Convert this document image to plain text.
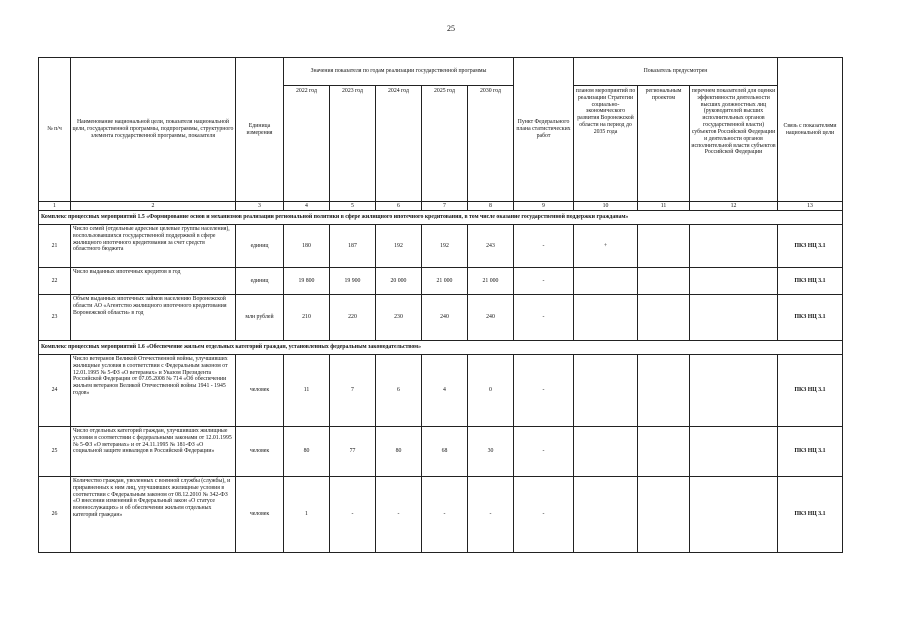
25
№ п/ч	Наименование национальной цели, показателя национальной цели, государственной программы, подпрограммы, структурного элемента государственной программы, показателя	Единица измерения	Значения показателя по годам реализации государственной программы					Пункт Федерального плана статистических работ	Показатель предусмотрен			Связь с показателями национальной цели
			2022 год	2023 год	2024 год	2025 год	2030 год		планом мероприятий по реализации Стратегии социально-экономического развития Воронежской области на период до 2035 года	региональным проектом	перечнем показателей для оценки эффективности деятельности высших должностных лиц (руководителей высших исполнительных органов государственной власти) субъектов Российской Федерации и деятельности органов исполнительной власти субъектов Российской Федерации	
1	2	3	4	5	6	7	8	9	10	11	12	13
Комплекс процессных мероприятий 1.5 «Формирование основ и механизмов реализации региональной политики в сфере жилищного ипотечного кредитования, в том числе оказание государственной поддержки гражданам»												
21	Число семей (отдельные адресные целевые группы населения), воспользовавшихся государственной поддержкой в сфере жилищного ипотечного кредитования за счет средств областного бюджета	единиц	180	187	192	192	243	-	+			ПКЗ НЦ 3.1
22	Число выданных ипотечных кредитов в год	единиц	19 800	19 900	20 000	21 000	21 000	-				ПКЗ НЦ 3.1
23	Объем выданных ипотечных займов населению Воронежской области АО «Агентство жилищного ипотечного кредитования Воронежской области» в год	млн рублей	210	220	230	240	240	-				ПКЗ НЦ 3.1
Комплекс процессных мероприятий 1.6 «Обеспечение жильем отдельных категорий граждан, установленных федеральным законодательством»												
24	Число ветеранов Великой Отечественной войны, улучшивших жилищные условия в соответствии с Федеральным законом от 12.01.1995 № 5-ФЗ «О ветеранах» и Указом Президента Российской Федерации от 07.05.2008 № 714 «Об обеспечении жильем ветеранов Великой Отечественной войны 1941 - 1945 годов»	человек	11	7	6	4	0	-				ПКЗ НЦ 3.1
25	Число отдельных категорий граждан, улучшивших жилищные условия в соответствии с федеральными законами от 12.01.1995 № 5-ФЗ «О ветеранах» и от 24.11.1995 № 181-ФЗ «О социальной защите инвалидов в Российской Федерации»	человек	80	77	80	68	30	-				ПКЗ НЦ 3.1
26	Количество граждан, уволенных с военной службы (службы), и приравненных к ним лиц, улучшивших жилищные условия в соответствии с Федеральным законом от 08.12.2010 № 342-ФЗ «О внесении изменений в Федеральный закон «О статусе военнослужащих» и об обеспечении жильем отдельных категорий граждан»	человек	1	-	-	-	-	-				ПКЗ НЦ 3.1
